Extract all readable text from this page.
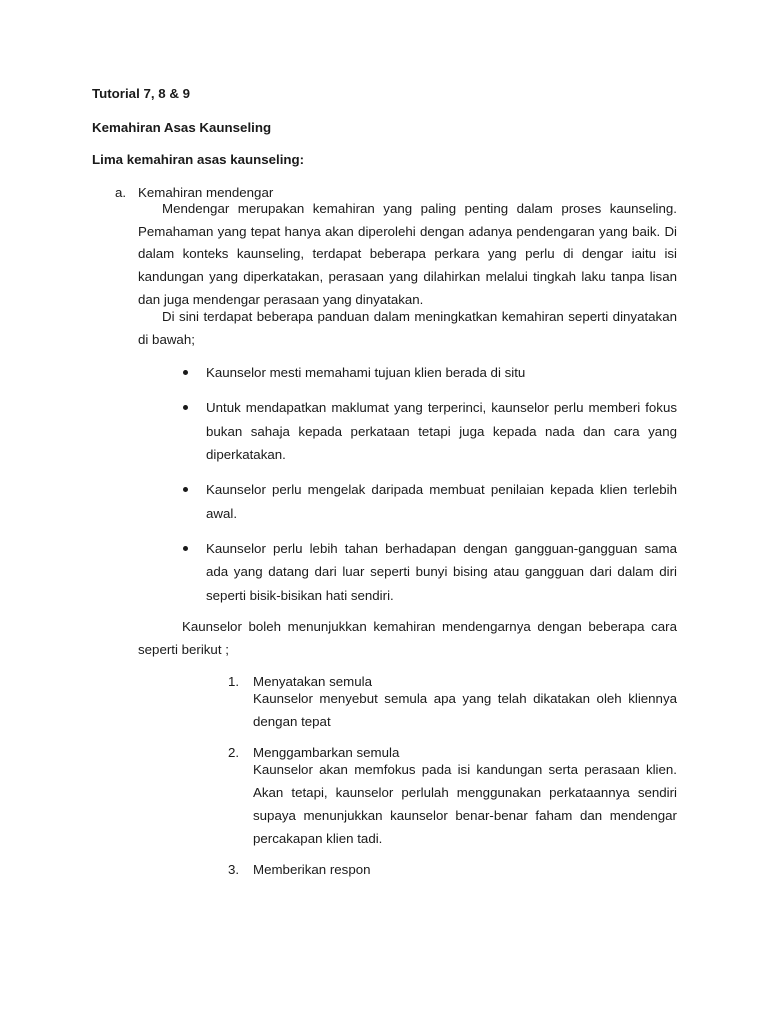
Tutorial 7, 8 & 9
Kemahiran Asas Kaunseling
Lima kemahiran asas kaunseling:
a. Kemahiran mendengar
Mendengar merupakan kemahiran yang paling penting dalam proses kaunseling. Pemahaman yang tepat hanya akan diperolehi dengan adanya pendengaran yang baik. Di dalam konteks kaunseling, terdapat beberapa perkara yang perlu di dengar iaitu isi kandungan yang diperkatakan, perasaan yang dilahirkan melalui tingkah laku tanpa lisan dan juga mendengar perasaan yang dinyatakan.
Di sini terdapat beberapa panduan dalam meningkatkan kemahiran seperti dinyatakan di bawah;
Kaunselor mesti memahami tujuan klien berada di situ
Untuk mendapatkan maklumat yang terperinci, kaunselor perlu memberi fokus bukan sahaja kepada perkataan tetapi juga kepada nada dan cara yang diperkatakan.
Kaunselor perlu mengelak daripada membuat penilaian kepada klien terlebih awal.
Kaunselor perlu lebih tahan berhadapan dengan gangguan-gangguan sama ada yang datang dari luar seperti bunyi bising atau gangguan dari dalam diri seperti bisik-bisikan hati sendiri.
Kaunselor boleh menunjukkan kemahiran mendengarnya dengan beberapa cara seperti berikut ;
1. Menyatakan semula
Kaunselor menyebut semula apa yang telah dikatakan oleh kliennya dengan tepat
2. Menggambarkan semula
Kaunselor akan memfokus pada isi kandungan serta perasaan klien. Akan tetapi, kaunselor perlulah menggunakan perkataannya sendiri supaya menunjukkan kaunselor benar-benar faham dan mendengar percakapan klien tadi.
3. Memberikan respon
